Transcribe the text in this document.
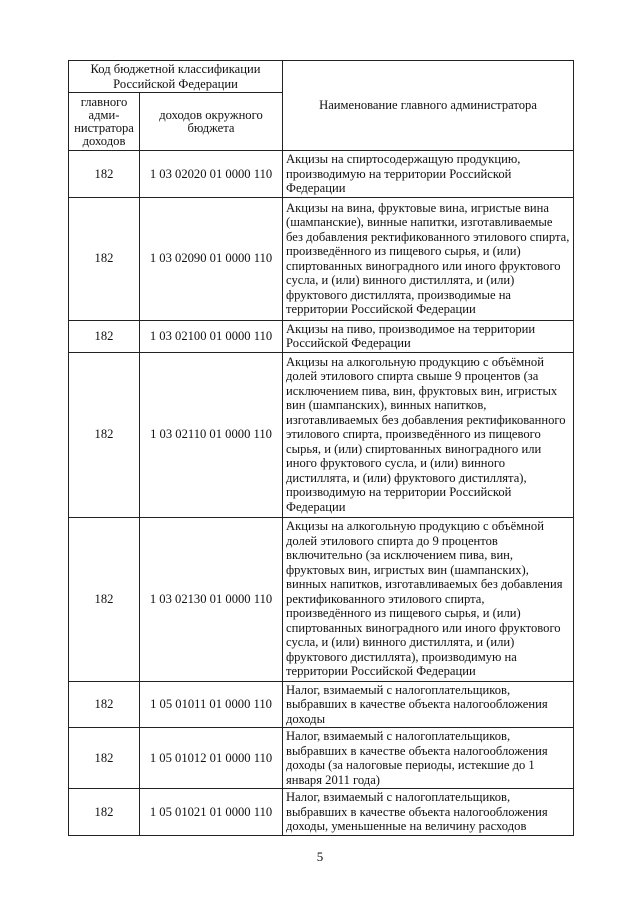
Код бюджетной классификации Российской Федерации		Наименование главного администратора
главного адми-нистратора доходов	доходов окружного бюджета	
182	1 03 02020 01 0000 110	Акцизы на спиртосодержащую продукцию, производимую на территории Российской Федерации
182	1 03 02090 01 0000 110	Акцизы на вина, фруктовые вина, игристые вина (шампанские), винные напитки, изготавливаемые без добавления ректификованного этилового спирта, произведённого из пищевого сырья, и (или) спиртованных виноградного или иного фруктового сусла, и (или) винного дистиллята, и (или) фруктового дистиллята, производимые на территории Российской Федерации
182	1 03 02100 01 0000 110	Акцизы на пиво, производимое на территории Российской Федерации
182	1 03 02110 01 0000 110	Акцизы на алкогольную продукцию с объёмной долей этилового спирта свыше 9 процентов (за исключением пива, вин, фруктовых вин, игристых вин (шампанских), винных напитков, изготавливаемых без добавления ректификованного этилового спирта, произведённого из пищевого сырья, и (или) спиртованных виноградного или иного фруктового сусла, и (или) винного дистиллята, и (или) фруктового дистиллята), производимую на территории Российской Федерации
182	1 03 02130 01 0000 110	Акцизы на алкогольную продукцию с объёмной долей этилового спирта до 9 процентов включительно (за исключением пива, вин, фруктовых вин, игристых вин (шампанских), винных напитков, изготавливаемых без добавления ректификованного этилового спирта, произведённого из пищевого сырья, и (или) спиртованных виноградного или иного фруктового сусла, и (или) винного дистиллята, и (или) фруктового дистиллята), производимую на территории Российской Федерации
182	1 05 01011 01 0000 110	Налог, взимаемый с налогоплательщиков, выбравших в качестве объекта налогообложения доходы
182	1 05 01012 01 0000 110	Налог, взимаемый с налогоплательщиков, выбравших в качестве объекта налогообложения доходы (за налоговые периоды, истекшие до 1 января 2011 года)
182	1 05 01021 01 0000 110	Налог, взимаемый с налогоплательщиков, выбравших в качестве объекта налогообложения доходы, уменьшенные на величину расходов
5
